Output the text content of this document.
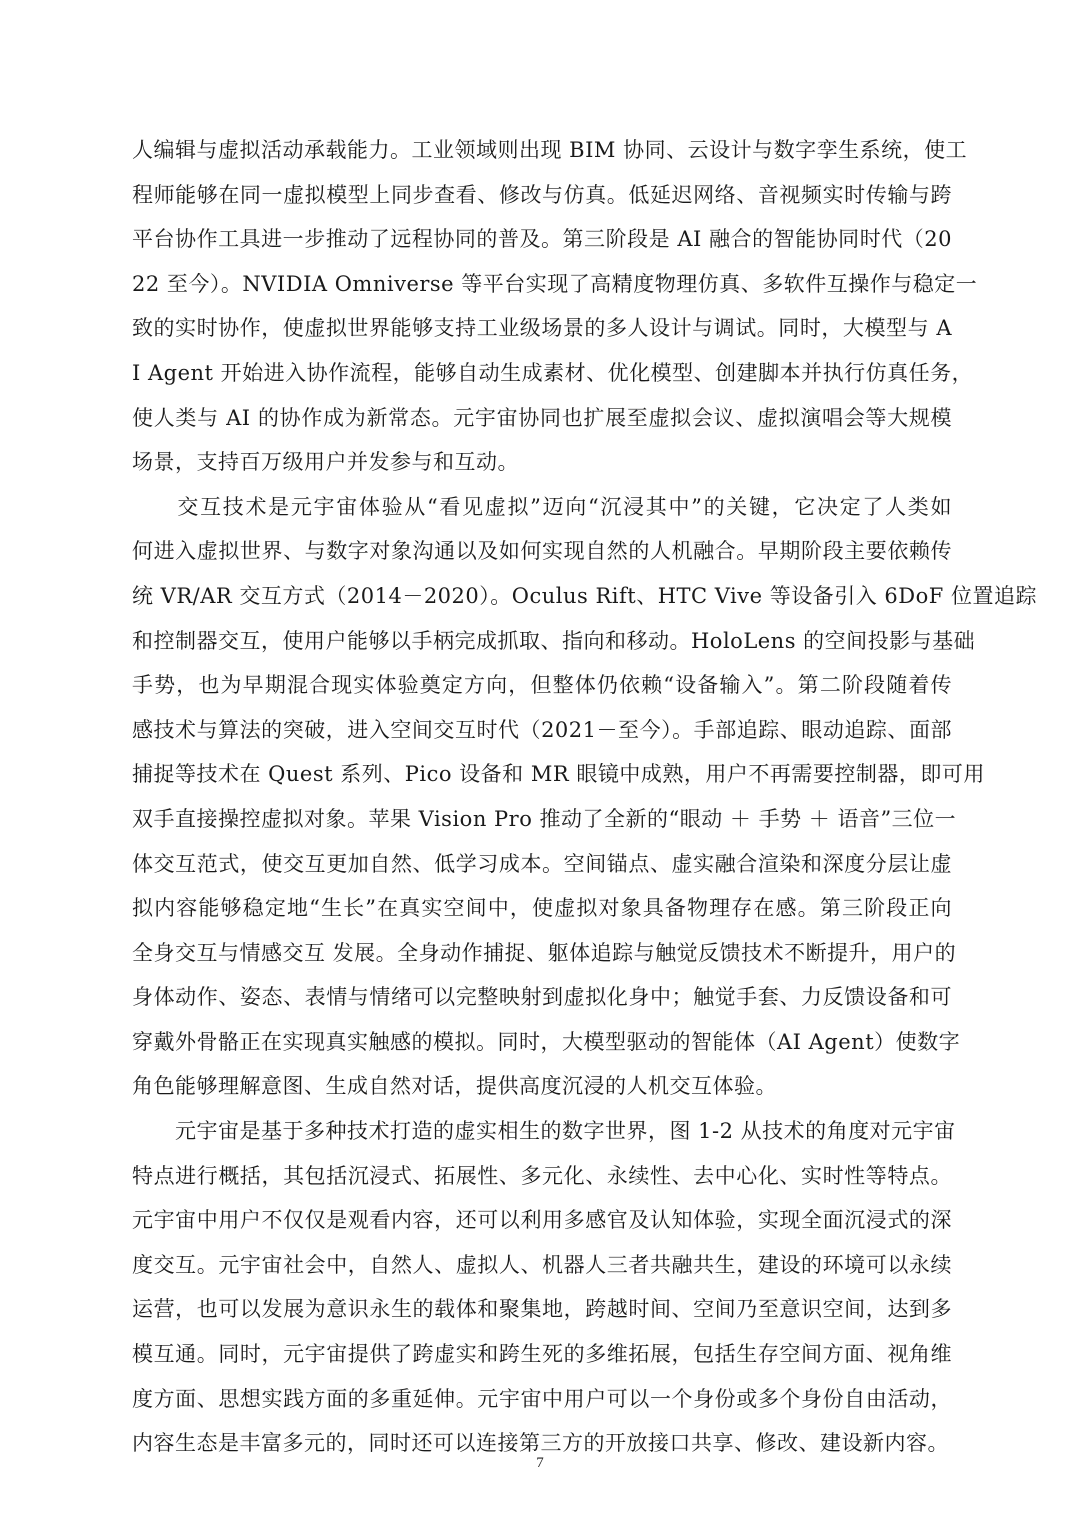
人编辑与虚拟活动承载能力。工业领域则出现 BIM 协同、云设计与数字孪生系统，使工
程师能够在同一虚拟模型上同步查看、修改与仿真。低延迟网络、音视频实时传输与跨
平台协作工具进一步推动了远程协同的普及。第三阶段是 AI 融合的智能协同时代（20
22 至今）。NVIDIA Omniverse 等平台实现了高精度物理仿真、多软件互操作与稳定一
致的实时协作，使虚拟世界能够支持工业级场景的多人设计与调试。同时，大模型与 A
I Agent 开始进入协作流程，能够自动生成素材、优化模型、创建脚本并执行仿真任务，
使人类与 AI 的协作成为新常态。元宇宙协同也扩展至虚拟会议、虚拟演唱会等大规模
场景，支持百万级用户并发参与和互动。
　　交互技术是元宇宙体验从“看见虚拟”迈向“沉浸其中”的关键，它决定了人类如
何进入虚拟世界、与数字对象沟通以及如何实现自然的人机融合。早期阶段主要依赖传
统 VR/AR 交互方式（2014－2020）。Oculus Rift、HTC Vive 等设备引入 6DoF 位置追踪
和控制器交互，使用户能够以手柄完成抓取、指向和移动。HoloLens 的空间投影与基础
手势，也为早期混合现实体验奠定方向，但整体仍依赖“设备输入”。第二阶段随着传
感技术与算法的突破，进入空间交互时代（2021－至今）。手部追踪、眼动追踪、面部
捕捉等技术在 Quest 系列、Pico 设备和 MR 眼镜中成熟，用户不再需要控制器，即可用
双手直接操控虚拟对象。苹果 Vision Pro 推动了全新的“眼动 ＋ 手势 ＋ 语音”三位一
体交互范式，使交互更加自然、低学习成本。空间锚点、虚实融合渲染和深度分层让虚
拟内容能够稳定地“生长”在真实空间中，使虚拟对象具备物理存在感。第三阶段正向
全身交互与情感交互 发展。全身动作捕捉、躯体追踪与触觉反馈技术不断提升，用户的
身体动作、姿态、表情与情绪可以完整映射到虚拟化身中；触觉手套、力反馈设备和可
穿戴外骨骼正在实现真实触感的模拟。同时，大模型驱动的智能体（AI Agent）使数字
角色能够理解意图、生成自然对话，提供高度沉浸的人机交互体验。
　　元宇宙是基于多种技术打造的虚实相生的数字世界，图 1-2 从技术的角度对元宇宙
特点进行概括，其包括沉浸式、拓展性、多元化、永续性、去中心化、实时性等特点。
元宇宙中用户不仅仅是观看内容，还可以利用多感官及认知体验，实现全面沉浸式的深
度交互。元宇宙社会中，自然人、虚拟人、机器人三者共融共生，建设的环境可以永续
运营，也可以发展为意识永生的载体和聚集地，跨越时间、空间乃至意识空间，达到多
模互通。同时，元宇宙提供了跨虚实和跨生死的多维拓展，包括生存空间方面、视角维
度方面、思想实践方面的多重延伸。元宇宙中用户可以一个身份或多个身份自由活动，
内容生态是丰富多元的，同时还可以连接第三方的开放接口共享、修改、建设新内容。
7
